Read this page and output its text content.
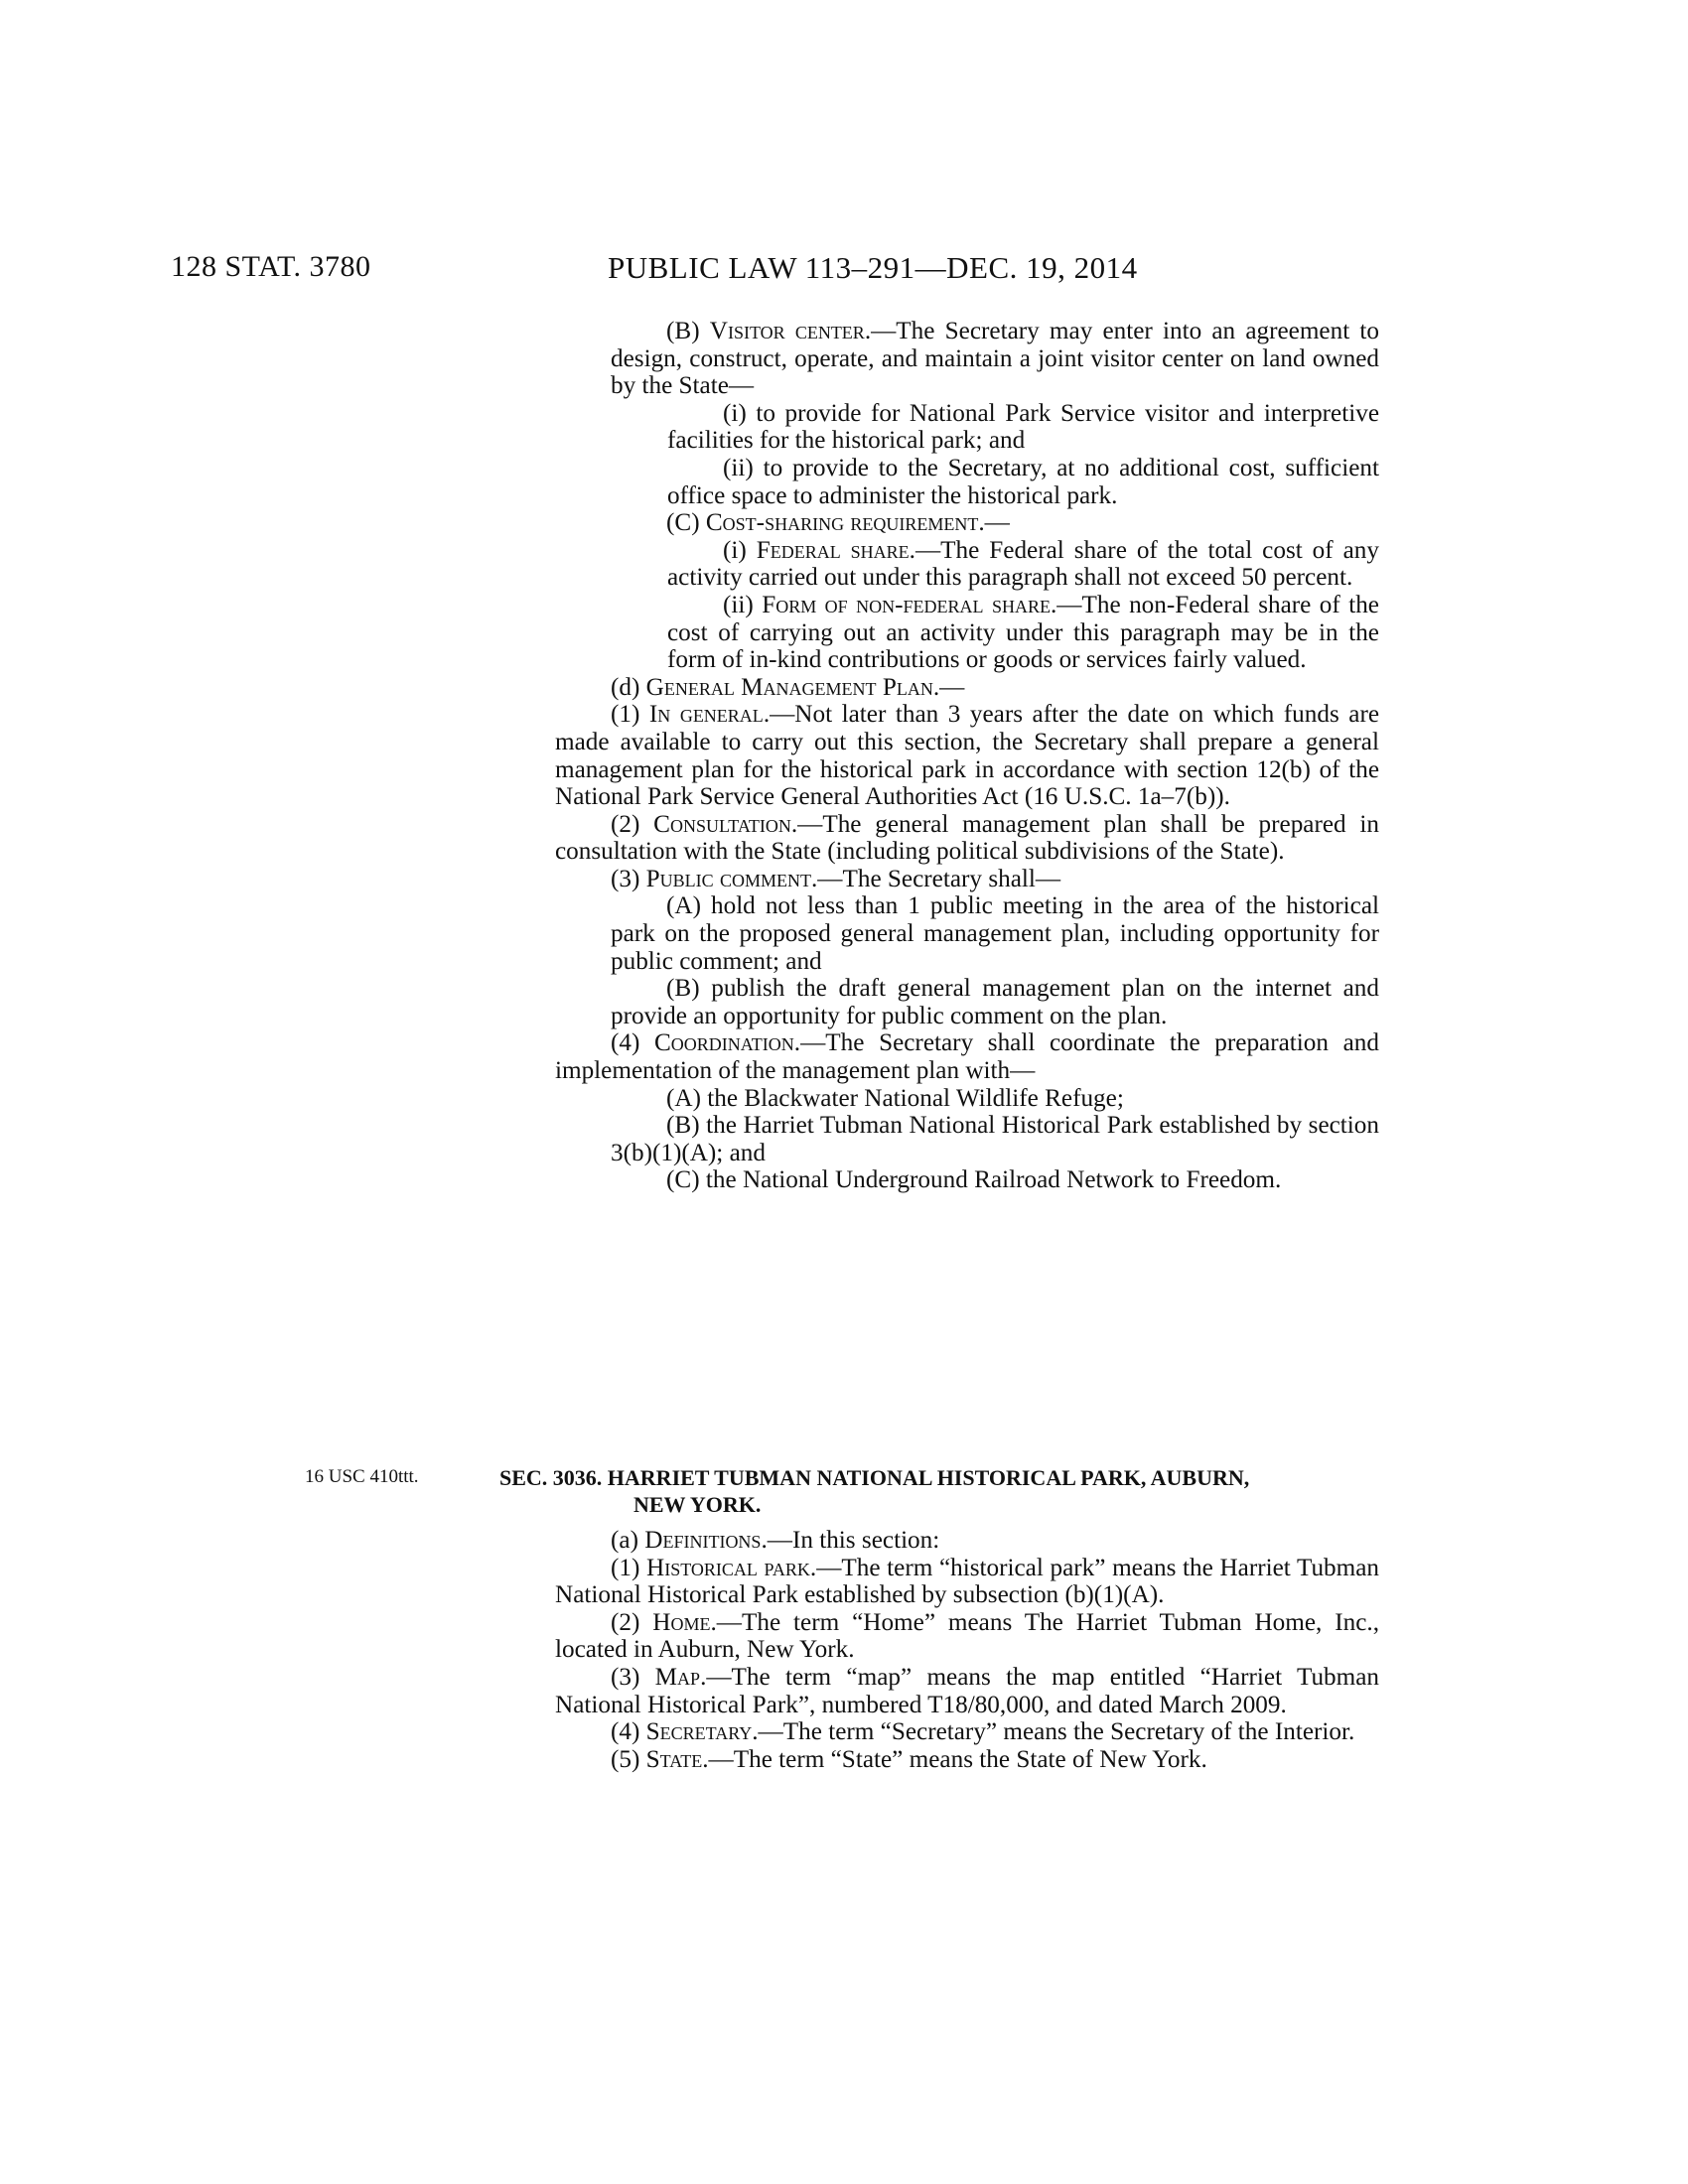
128 STAT. 3780	PUBLIC LAW 113–291—DEC. 19, 2014

(B) Visitor center.—The Secretary may enter into an agreement to design, construct, operate, and maintain a joint visitor center on land owned by the State—

(i) to provide for National Park Service visitor and interpretive facilities for the historical park; and

(ii) to provide to the Secretary, at no additional cost, sufficient office space to administer the historical park.

(C) Cost-sharing requirement.—

(i) Federal share.—The Federal share of the total cost of any activity carried out under this paragraph shall not exceed 50 percent.

(ii) Form of non-federal share.—The non-Federal share of the cost of carrying out an activity under this paragraph may be in the form of in-kind contributions or goods or services fairly valued.

(d) General Management Plan.—

(1) In general.—Not later than 3 years after the date on which funds are made available to carry out this section, the Secretary shall prepare a general management plan for the historical park in accordance with section 12(b) of the National Park Service General Authorities Act (16 U.S.C. 1a–7(b)).

(2) Consultation.—The general management plan shall be prepared in consultation with the State (including political subdivisions of the State).

(3) Public comment.—The Secretary shall—

(A) hold not less than 1 public meeting in the area of the historical park on the proposed general management plan, including opportunity for public comment; and

(B) publish the draft general management plan on the internet and provide an opportunity for public comment on the plan.

(4) Coordination.—The Secretary shall coordinate the preparation and implementation of the management plan with—

(A) the Blackwater National Wildlife Refuge;

(B) the Harriet Tubman National Historical Park established by section 3(b)(1)(A); and

(C) the National Underground Railroad Network to Freedom.

16 USC 410ttt.	SEC. 3036. HARRIET TUBMAN NATIONAL HISTORICAL PARK, AUBURN,
NEW YORK.

(a) Definitions.—In this section:

(1) Historical park.—The term “historical park” means the Harriet Tubman National Historical Park established by subsection (b)(1)(A).

(2) Home.—The term “Home” means The Harriet Tubman Home, Inc., located in Auburn, New York.

(3) Map.—The term “map” means the map entitled “Harriet Tubman National Historical Park”, numbered T18/80,000, and dated March 2009.

(4) Secretary.—The term “Secretary” means the Secretary of the Interior.

(5) State.—The term “State” means the State of New York.
